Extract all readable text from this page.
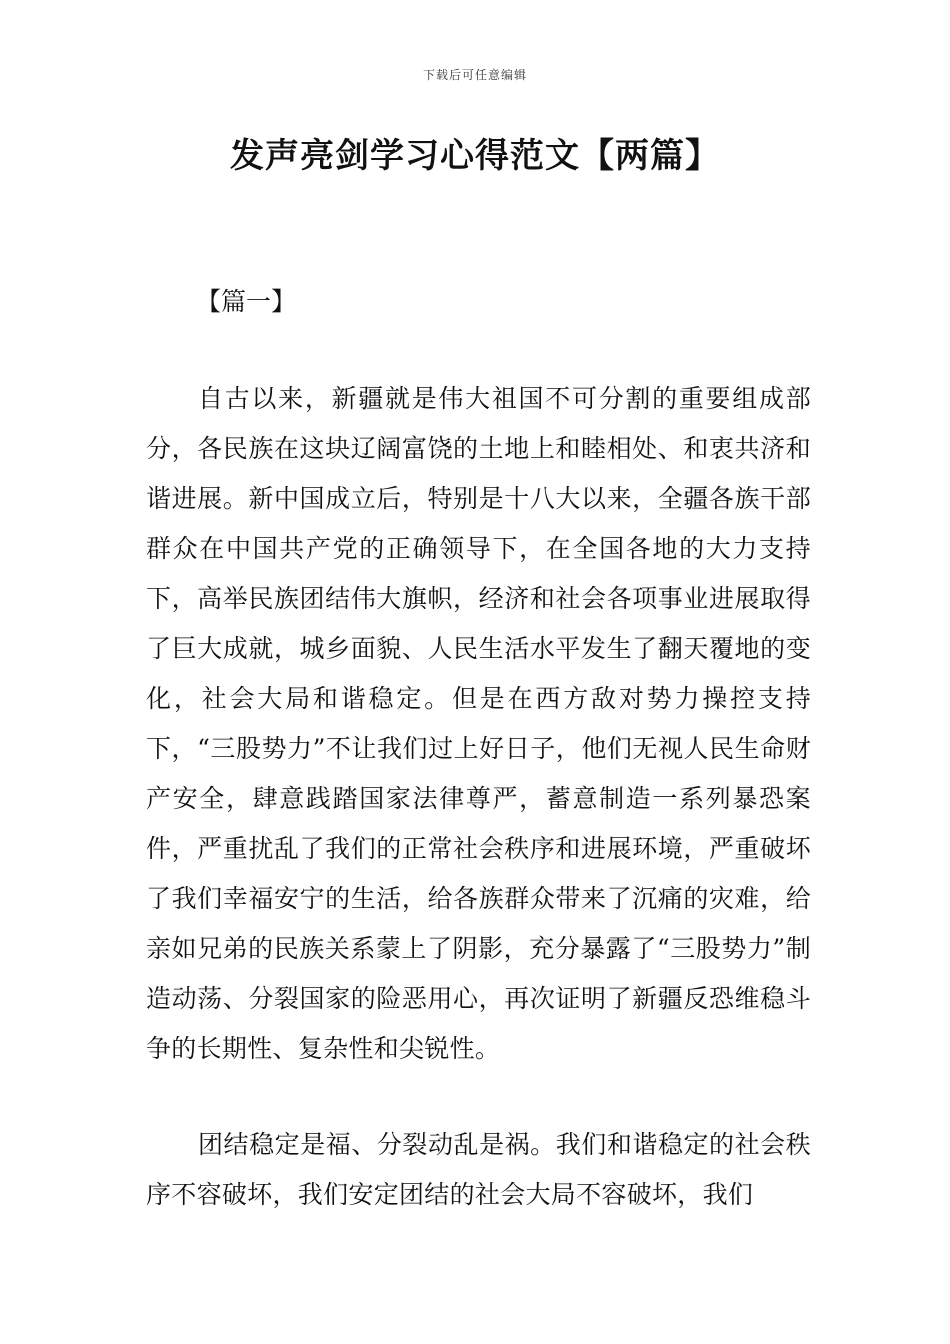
下载后可任意编辑
发声亮剑学习心得范文【两篇】
【篇一】

自古以来，新疆就是伟大祖国不可分割的重要组成部分，各民族在这块辽阔富饶的土地上和睦相处、和衷共济和谐进展。新中国成立后，特别是十八大以来，全疆各族干部群众在中国共产党的正确领导下，在全国各地的大力支持下，高举民族团结伟大旗帜，经济和社会各项事业进展取得了巨大成就，城乡面貌、人民生活水平发生了翻天覆地的变化，社会大局和谐稳定。但是在西方敌对势力操控支持下，“三股势力”不让我们过上好日子，他们无视人民生命财产安全，肆意践踏国家法律尊严，蓄意制造一系列暴恐案件，严重扰乱了我们的正常社会秩序和进展环境，严重破坏了我们幸福安宁的生活，给各族群众带来了沉痛的灾难，给亲如兄弟的民族关系蒙上了阴影，充分暴露了“三股势力”制造动荡、分裂国家的险恶用心，再次证明了新疆反恐维稳斗争的长期性、复杂性和尖锐性。

团结稳定是福、分裂动乱是祸。我们和谐稳定的社会秩序不容破坏，我们安定团结的社会大局不容破坏，我们
